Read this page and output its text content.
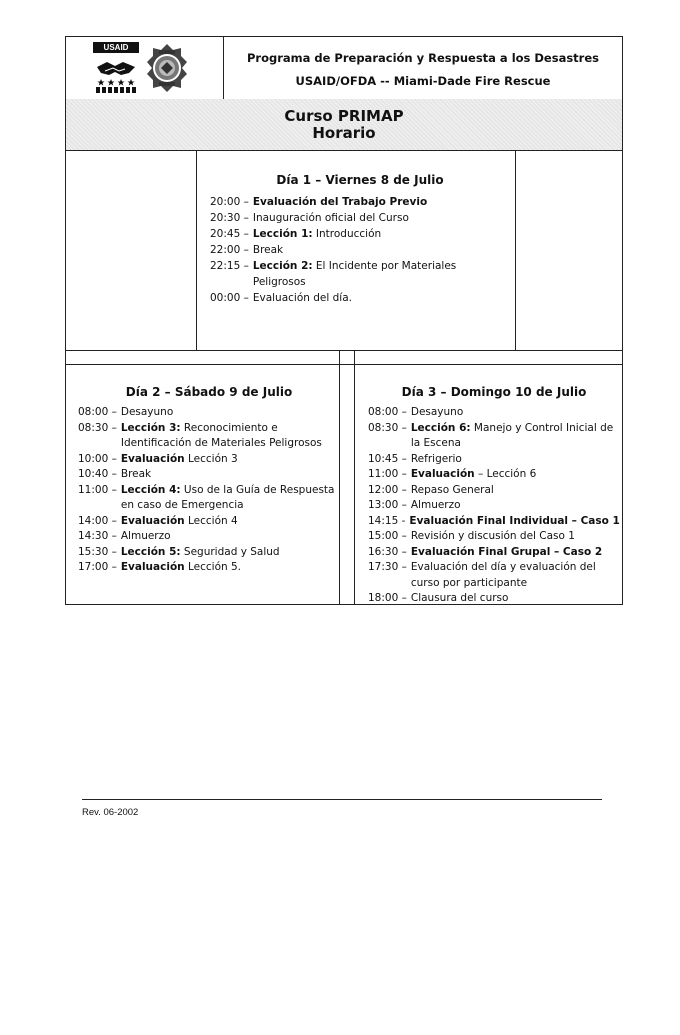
USAID
Programa de Preparación y Respuesta a los Desastres
USAID/OFDA -- Miami-Dade Fire Rescue
Curso PRIMAP
Horario
Día 1 – Viernes 8 de Julio
20:00 – Evaluación del Trabajo Previo
20:30 – Inauguración oficial del Curso
20:45 – Lección 1: Introducción
22:00 – Break
22:15 – Lección 2: El Incidente por Materiales Peligrosos
00:00 – Evaluación del día.
Día 2 – Sábado 9 de Julio
08:00 – Desayuno
08:30 – Lección 3: Reconocimiento e Identificación de Materiales Peligrosos
10:00 – Evaluación Lección 3
10:40 – Break
11:00 – Lección 4: Uso de la Guía de Respuesta en caso de Emergencia
14:00 – Evaluación Lección 4
14:30 – Almuerzo
15:30 – Lección 5: Seguridad y Salud
17:00 – Evaluación Lección 5.
Día 3 – Domingo 10 de Julio
08:00 – Desayuno
08:30 – Lección 6: Manejo y Control Inicial de la Escena
10:45 – Refrigerio
11:00 – Evaluación – Lección 6
12:00 – Repaso General
13:00 – Almuerzo
14:15 - Evaluación Final Individual – Caso 1
15:00 – Revisión y discusión del Caso 1
16:30 – Evaluación Final Grupal – Caso 2
17:30 – Evaluación del día y evaluación del curso por participante
18:00 – Clausura del curso
Rev. 06-2002
